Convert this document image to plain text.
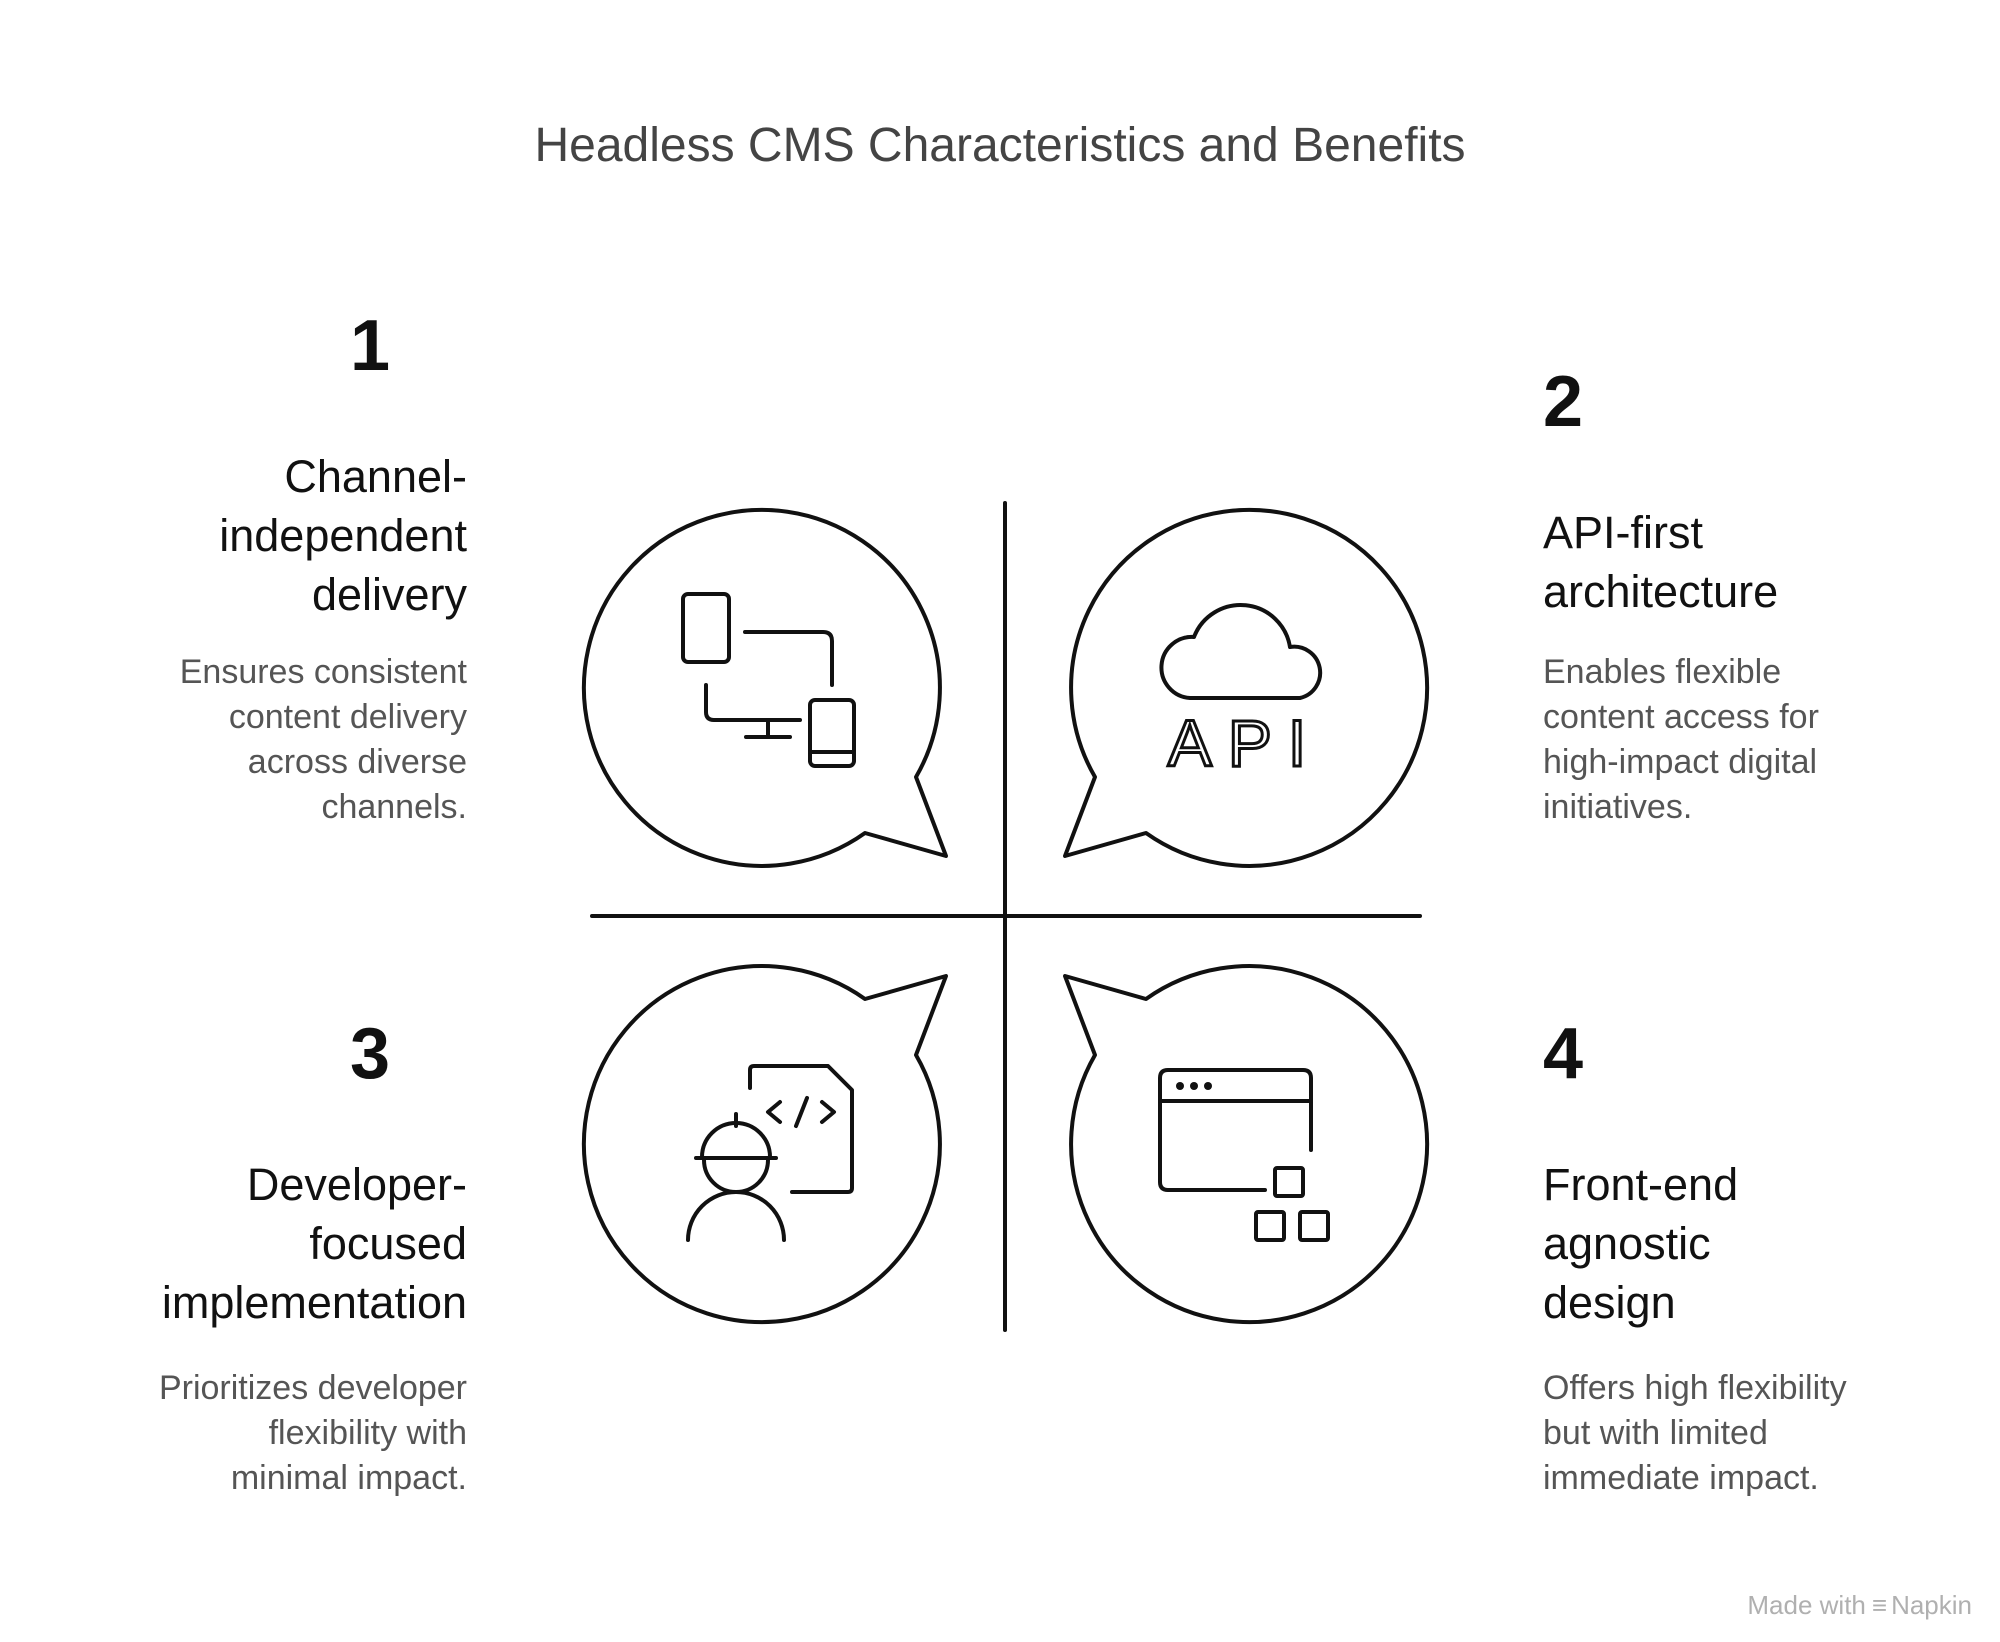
Headless CMS Characteristics and Benefits
1
Channel-
independent
delivery
Ensures consistent
content delivery
across diverse
channels.
2
API-first
architecture
Enables flexible
content access for
high-impact digital
initiatives.
3
Developer-
focused
implementation
Prioritizes developer
flexibility with
minimal impact.
4
Front-end
agnostic
design
Offers high flexibility
but with limited
immediate impact.
API
Made with ≡ Napkin
